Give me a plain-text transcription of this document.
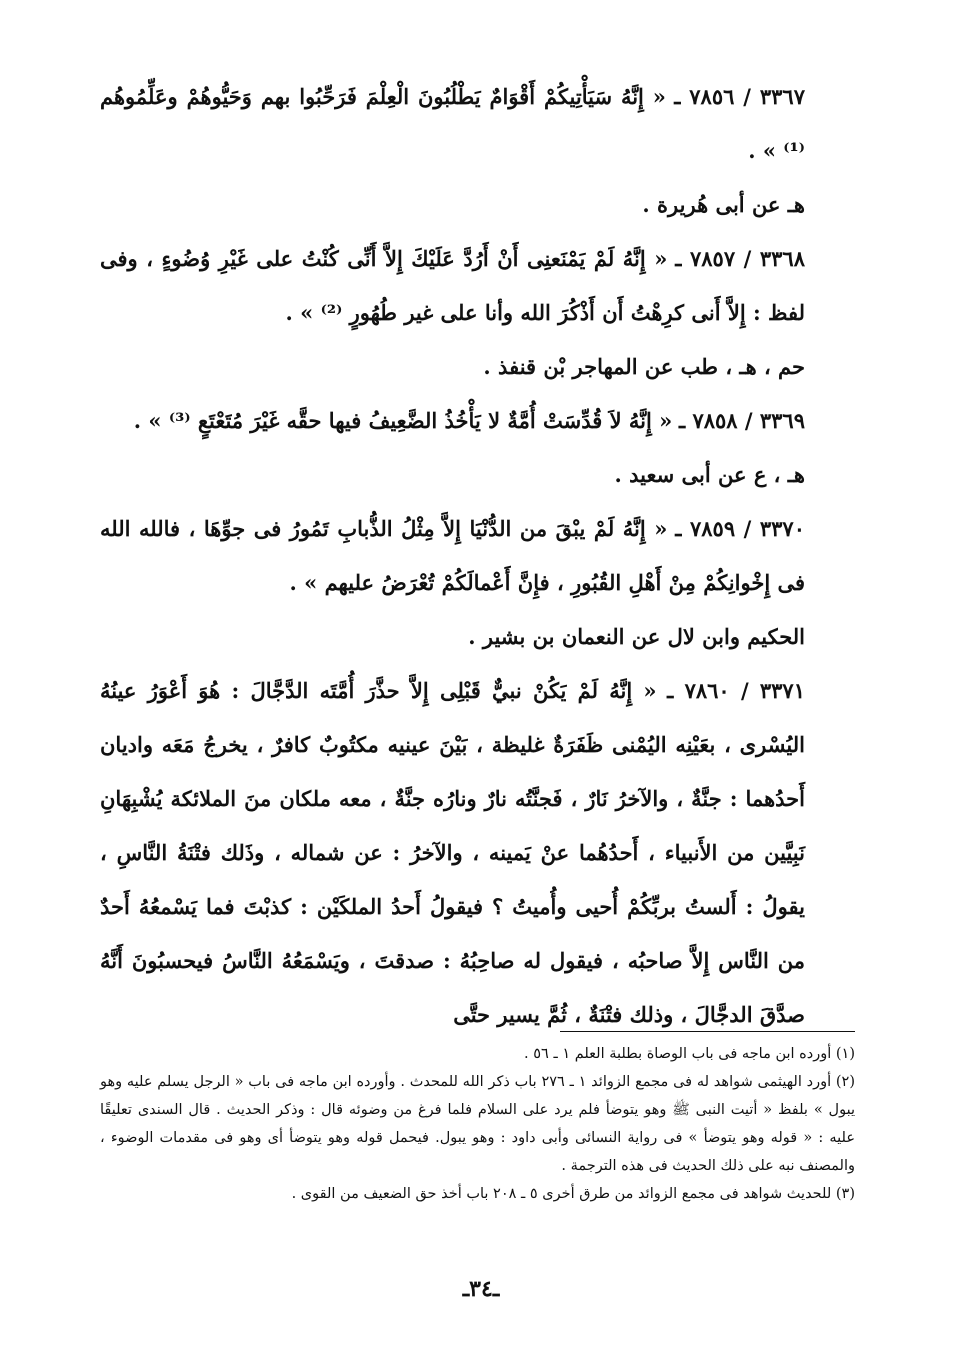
٣٣٦٧ / ٧٨٥٦ ـ « إِنَّهُ سَيَأْتِيكُمْ أَقْوَامٌ يَطْلُبُونَ الْعِلْمَ فَرَحِّبُوا بهم وَحَيُّوهُمْ وعَلِّمُوهُم ⁽¹⁾ » .

هـ عن أبى هُريرة .

٣٣٦٨ / ٧٨٥٧ ـ « إِنَّهُ لَمْ يَمْنَعنِى أَنْ أَرُدَّ عَلَيْكَ إِلاَّ أَنِّى كُنْتُ على غَيْرِ وُضُوءٍ ، وفى لفظ : إِلاَّ أَنى كرِهْتُ أَن أَذْكُرَ الله وأنا على غير طُهُورٍ ⁽²⁾ » .

حم ، هـ ، طب عن المهاجر بْن قنفذ .

٣٣٦٩ / ٧٨٥٨ ـ « إِنَّهُ لاَ قُدِّسَتْ أُمَّةٌ لا يَأْخُذُ الضَّعِيفُ فيها حقَّه غَيْرَ مُتَعْتَعٍ ⁽³⁾ » .

هـ ، ع عن أبى سعيد .

٣٣٧٠ / ٧٨٥٩ ـ « إِنَّهُ لَمْ يبْقَ من الدُّنْيَا إِلاَّ مِثْلُ الذُّبابِ تَمُورُ فى جوِّهَا ، فالله الله فى إِخْوانِكُمْ مِنْ أَهْلِ القُبُورِ ، فإِنَّ أَعْمالَكُمْ تُعْرَضُ عليهم » .

الحكيم وابن لال عن النعمان بن بشير .

٣٣٧١ / ٧٨٦٠ ـ « إِنَّهُ لَمْ يَكُنْ نبيٌّ قَبْلِى إِلاَّ حذَّرَ أُمَّتَه الدَّجَّالَ : هُوَ أَعْوَرُ عينُهُ اليُسْرى ، بعَيْنِه اليُمْنى ظَفَرَةٌ غليظة ، بَيْنَ عينيه مكتُوبٌ كافرٌ ، يخرجُ مَعَه واديان أَحدُهما : جنَّةٌ ، والآخرُ نَارٌ ، فَجنَّتُه نارٌ ونارُه جنَّةٌ ، معه ملكان منَ الملائكة يُشْبِهَانِ نَبِيَّين من الأَنبياء ، أَحدُهُما عنْ يَمينه ، والآخرُ : عن شماله ، وذَلك فتْنَةُ النَّاسِ ، يقولُ : أَلستُ بربِّكُمْ أُحيى وأُميتُ ؟ فيقولُ أَحدُ الملكَيْن : كذبْتَ فما يَسْمعُهُ أَحدٌ من النَّاس إِلاَّ صاحبُه ، فيقول له صاحِبُهُ : صدقتَ ، ويَسْمَعُهُ النَّاسُ فيحسبُونَ أَنَّهُ صدَّقَ الدجَّالَ ، وذلك فتْنَةٌ ، ثُمَّ يسير حتَّى

(١) أورده ابن ماجه فى باب الوصاة بطلبة العلم ١ ـ ٥٦ .

(٢) أورد الهيثمى شواهد له فى مجمع الزوائد ١ ـ ٢٧٦ باب ذكر الله للمحدث . وأورده ابن ماجه فى باب « الرجل يسلم عليه وهو يبول » بلفظ « أتيت النبى ﷺ وهو يتوضأ فلم يرد على السلام فلما فرغ من وضوئه قال : وذكر الحديث . قال السندى تعليقًا عليه : « قوله وهو يتوضأ » فى رواية النسائى وأبى داود : وهو يبول. فيحمل قوله وهو يتوضأ أى وهو فى مقدمات الوضوء ، والمصنف نبه على ذلك الحديث فى هذه الترجمة .

(٣) للحديث شواهد فى مجمع الزوائد من طرق أخرى ٥ ـ ٢٠٨ باب أخذ حق الضعيف من القوى .

ـ٣٤ـ
